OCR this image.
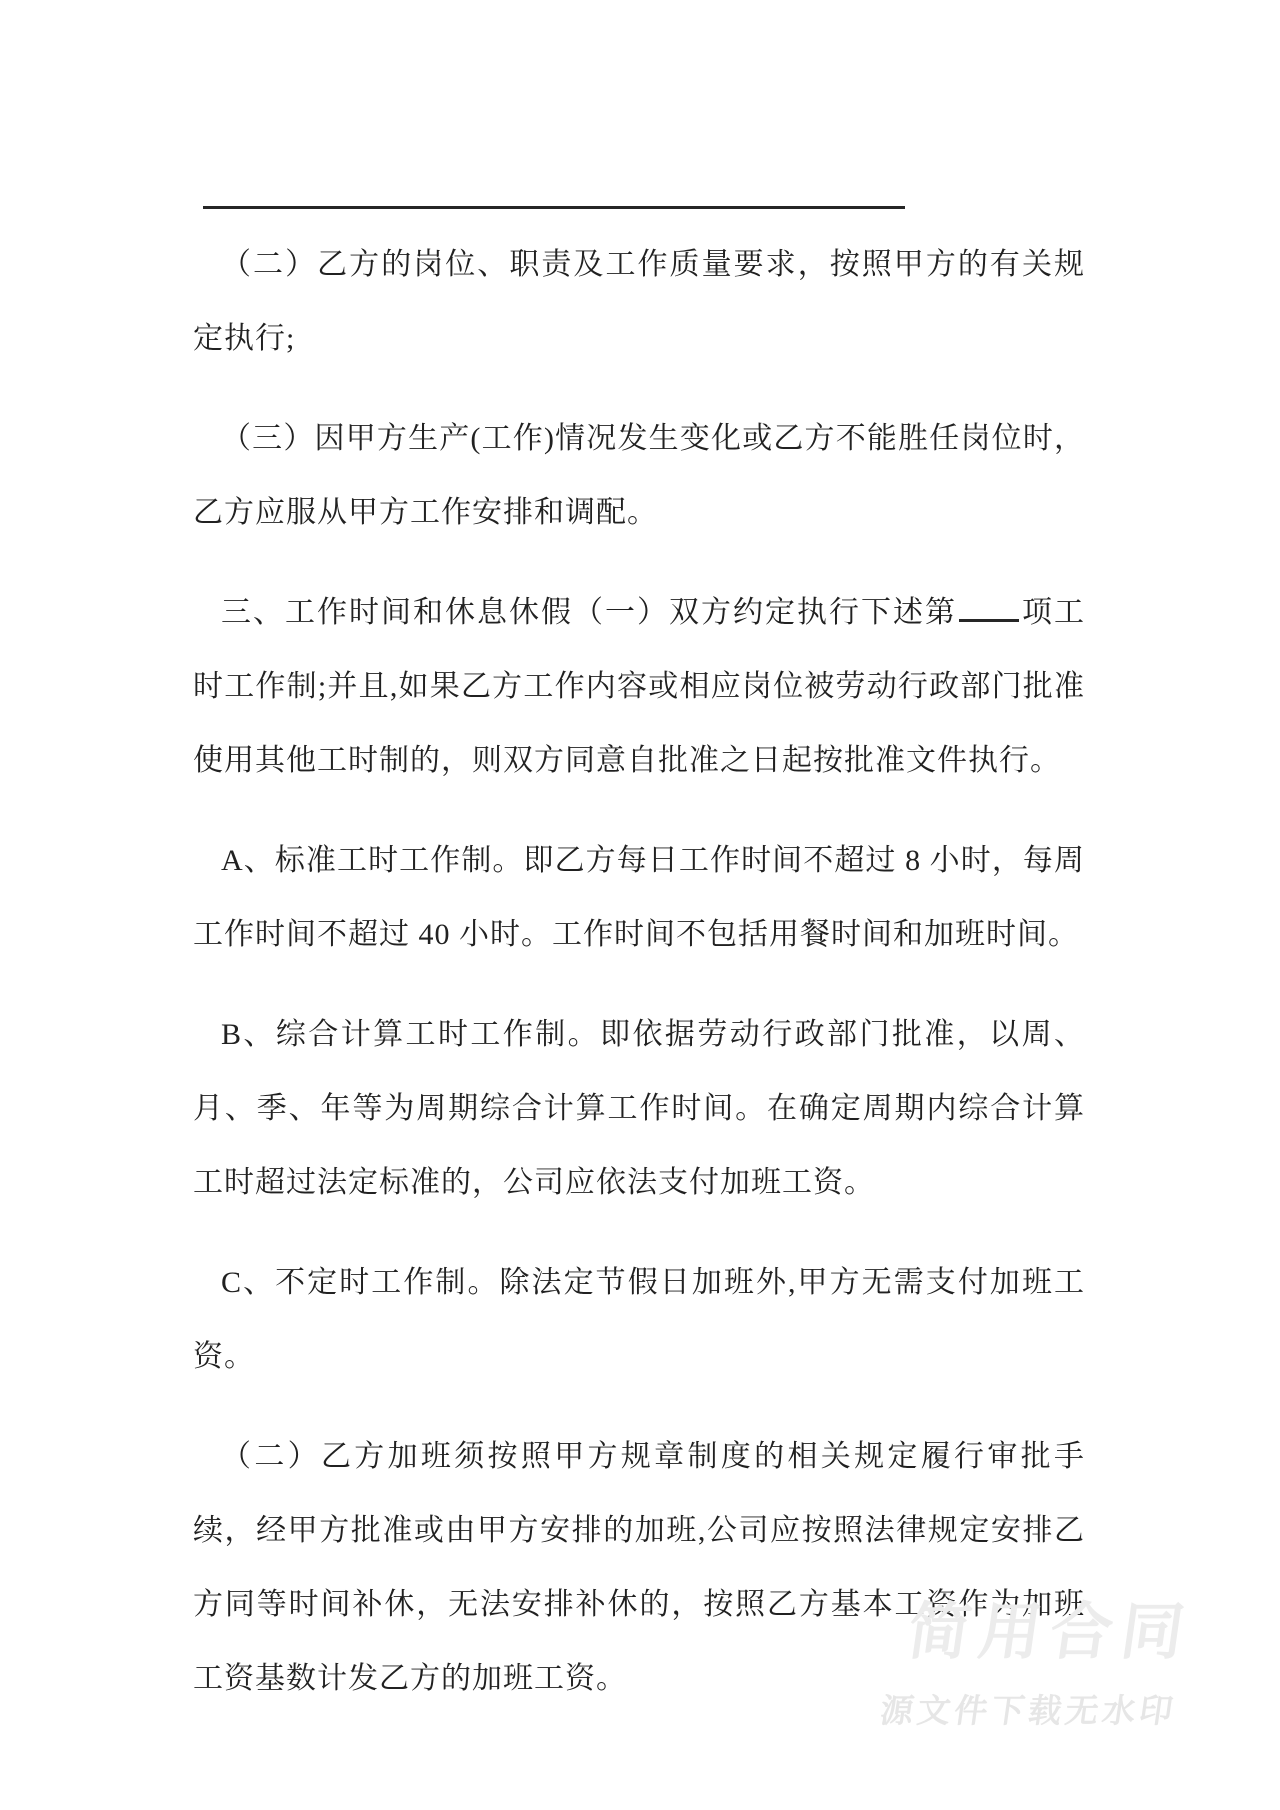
（二）乙方的岗位、职责及工作质量要求，按照甲方的有关规定执行;

（三）因甲方生产(工作)情况发生变化或乙方不能胜任岗位时，乙方应服从甲方工作安排和调配。

三、工作时间和休息休假（一）双方约定执行下述第 项工时工作制;并且,如果乙方工作内容或相应岗位被劳动行政部门批准使用其他工时制的，则双方同意自批准之日起按批准文件执行。

A、标准工时工作制。即乙方每日工作时间不超过 8 小时，每周工作时间不超过 40 小时。工作时间不包括用餐时间和加班时间。

B、综合计算工时工作制。即依据劳动行政部门批准，以周、月、季、年等为周期综合计算工作时间。在确定周期内综合计算工时超过法定标准的，公司应依法支付加班工资。

C、不定时工作制。除法定节假日加班外,甲方无需支付加班工资。

（二）乙方加班须按照甲方规章制度的相关规定履行审批手续，经甲方批准或由甲方安排的加班,公司应按照法律规定安排乙方同等时间补休，无法安排补休的，按照乙方基本工资作为加班工资基数计发乙方的加班工资。

简用合同
源文件下载无水印
